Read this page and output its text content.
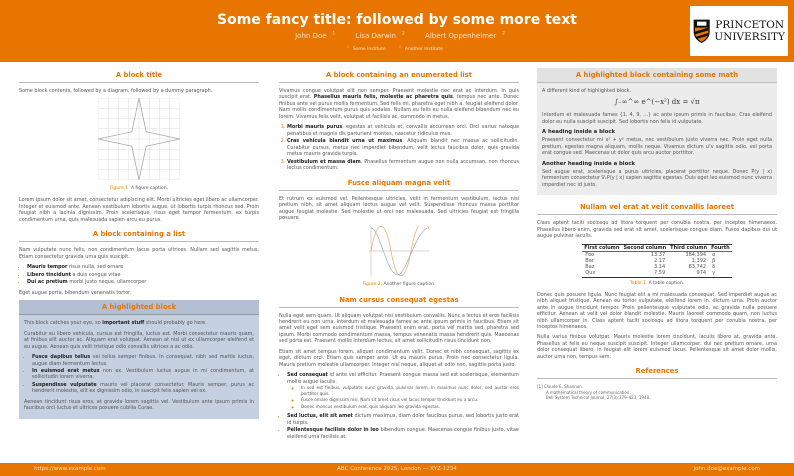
Some fancy title: followed by some more text
John Doe $^1$	Lisa Darwin $^2$	Albert Oppenheimer $^2$
$^1$Some Institute $^2$Another Institute
PRINCETON
UNIVERSITY
A block title

Some block contents, followed by a diagram, followed by a dummy paragraph.

Figure 1. A figure caption.

Lorem ipsum dolor sit amet, consectetur adipiscing elit. Morbi ultricies eget libero ac ullamcorper. Integer et euismod ante. Aenean vestibulum lobortis augue, ut lobortis turpis rhoncus sed. Proin feugiat nibh a lacinia dignissim. Proin scelerisque, risus eget tempor fermentum, ex turpis condimentum urna, quis malesuada sapien arcu eu purus.

A block containing a list

Nam vulputate nunc felis, non condimentum lacus porta ultrices. Nullam sed sagittis metus. Etiam consectetur gravida urna quis suscipit.

• Mauris tempor risus nulla, sed ornare
• Libero tincidunt a duis congue vitae
• Dui ac pretium morbi justo neque, ullamcorper

Eget augue porta, bibendum venenatis tortor.

A highlighted block

This block catches your eye, so important stuff should probably go here.

Curabitur eu libero vehicula, cursus est fringilla, luctus est. Morbi consectetur mauris quam, at finibus elit auctor ac. Aliquam erat volutpat. Aenean at nisl ut ex ullamcorper eleifend et eu augue. Aenean quis velit tristique odio convallis ultrices a ac odio.

• Fusce dapibus tellus vel tellus semper finibus. In consequat, nibh sed mattis luctus, augue diam fermentum lectus.
• In euismod erat metus non ex. Vestibulum luctus augue in mi condimentum, at sollicitudin lorem viverra.
• Suspendisse vulputate mauris vel placerat consectetur. Mauris semper, purus ac hendrerit molestie, elit ex dignissim odio, in suscipit felis sapien vel ex.

Aenean tincidunt risus eros, at gravida lorem sagittis vel. Vestibulum ante ipsum primis in faucibus orci luctus et ultrices posuere cubilia Curae.

A block containing an enumerated list

Vivamus congue volutpat elit non semper. Praesent molestie nec erat ac interdum. In quis suscipit erat. Phasellus mauris felis, molestie ac pharetra quis, tempus nec ante. Donec finibus ante vel purus mollis fermentum. Sed felis mi, pharetra eget nibh a, feugiat eleifend dolor. Nam mollis condimentum purus quis sodales. Nullam eu felis eu nulla eleifend bibendum nec eu lorem. Vivamus felis velit, volutpat ut facilisis ac, commodo in metus.

1. Morbi mauris purus, egestas at vehicula et, convallis accumsan orci. Orci varius natoque penatibus et magnis dis parturient montes, nascetur ridiculus mus.
2. Cras vehicula blandit urna ut maximus. Aliquam blandit nec massa ac sollicitudin. Curabitur cursus, metus nec imperdiet bibendum, velit lectus faucibus dolor, quis gravida metus mauris gravida turpis.
3. Vestibulum et massa diam. Phasellus fermentum augue non nulla accumsan, non rhoncus lectus condimentum.
Fusce aliquam magna velit

Et rutrum ex euismod vel. Pellentesque ultricies, velit in fermentum vestibulum, lectus nisi pretium nibh, sit amet aliquam lectus augue vel velit. Suspendisse rhoncus massa porttitor augue feugiat molestie. Sed molestie ut orci nec malesuada. Sed ultricies feugiat est fringilla posuere.

Figure 2. Another figure caption.
Nam cursus consequat egestas

Nulla eget sem quam. Ut aliquam volutpat nisi vestibulum convallis. Nunc a lectus et eros facilisis hendrerit eu non urna. Interdum et malesuada fames ac ante ipsum primis in faucibus. Etiam sit amet velit eget sem euismod tristique. Praesent enim erat, porta vel mattis sed, pharetra sed ipsum. Morbi commodo condimentum massa, tempus venenatis massa hendrerit quis. Maecenas sed porta est. Praesent mollis interdum lectus, sit amet sollicitudin risus tincidunt non.

Etiam sit amet tempus lorem, aliquet condimentum velit. Donec et nibh consequat, sagittis ex eget, dictum orci. Etiam quis semper ante. Ut eu mauris purus. Proin nec consectetur ligula. Mauris pretium molestie ullamcorper. Integer nisi neque, aliquet et odio non, sagittis porta justo.

• Sed consequat id ante vel efficitur. Praesent congue massa sed est scelerisque, elementum mollis augue iaculis.
◦ In sed est finibus, vulputate nunc gravida, pulvinar lorem. In maximus nunc dolor, sed auctor eros porttitor quis.
◦ Fusce ornare dignissim nisi. Nam sit amet risus vel lacus tempor tincidunt eu a arcu.
◦ Donec rhoncus vestibulum erat, quis aliquam leo gravida egestas.
• Sed luctus, elit sit amet dictum maximus, diam dolor faucibus purus, sed lobortis justo erat id turpis.
• Pellentesque facilisis dolor in leo bibendum congue. Maecenas congue finibus justo, vitae eleifend urna facilisis at.
A highlighted block containing some math

A different kind of highlighted block.

∫₋∞^∞ e^(−x²) dx = √π

Interdum et malesuada fames {1, 4, 9, …} ac ante ipsum primis in faucibus. Cras eleifend dolor eu nulla suscipit suscipit. Sed lobortis non felis id vulputate.

A heading inside a block

Praesent consectetur mi x² + y² metus, nec vestibulum justo viverra nec. Proin eget nulla pretium, egestas magna aliquam, mollis neque. Vivamus dictum uᵀv sagittis odio, vel porta erat congue sed. Maecenas ut dolor quis arcu auctor porttitor.

Another heading inside a block

Sed augue erat, scelerisque a purus ultricies, placerat porttitor neque. Donec P(y | x) fermentum consectetur ∇ₓP(y | x) sapien sagittis egestas. Duis eget leo euismod nunc viverra imperdiet nec id justo.

Nullam vel erat at velit convallis laoreet

Class aptent taciti sociosqu ad litora torquent per conubia nostra, per inceptos himenaeos. Phasellus libero enim, gravida sed erat sit amet, scelerisque congue diam. Fusce dapibus dui ut augue pulvinar iaculis.

First column	Second column	Third column	Fourth
Foo	13.37	384,394	α
Bar	2.17	1,392	β
Baz	3.14	83,742	δ
Qux	7.59	974	γ
Table 1. A table caption.

Donec quis posuere ligula. Nunc feugiat elit a mi malesuada consequat. Sed imperdiet augue ac nibh aliquet tristique. Aenean eu tortor vulputate, eleifend lorem in, dictum urna. Proin auctor ante in augue tincidunt tempor. Proin pellentesque vulputate odio, ac gravida nulla posuere efficitur. Aenean at velit vel dolor blandit molestie. Mauris laoreet commodo quam, non luctus nibh ullamcorper in. Class aptent taciti sociosqu ad litora torquent per conubia nostra, per inceptos himenaeos.

Nulla varius finibus volutpat. Mauris molestie lorem tincidunt, iaculis libero at, gravida ante. Phasellus at felis eu neque suscipit suscipit. Integer ullamcorper, dui nec pretium ornare, urna dolor consequat libero, in feugiat elit lorem euismod lacus. Pellentesque sit amet dolor mollis, auctor urna non, tempus sem.

References
[1] Claude E. Shannon.
A mathematical theory of communication.
Bell System Technical Journal, 27(3):379–423, 1948.
https://www.example.com	ABC Conference 2025, London — XYZ-1234	john.doe@example.com
